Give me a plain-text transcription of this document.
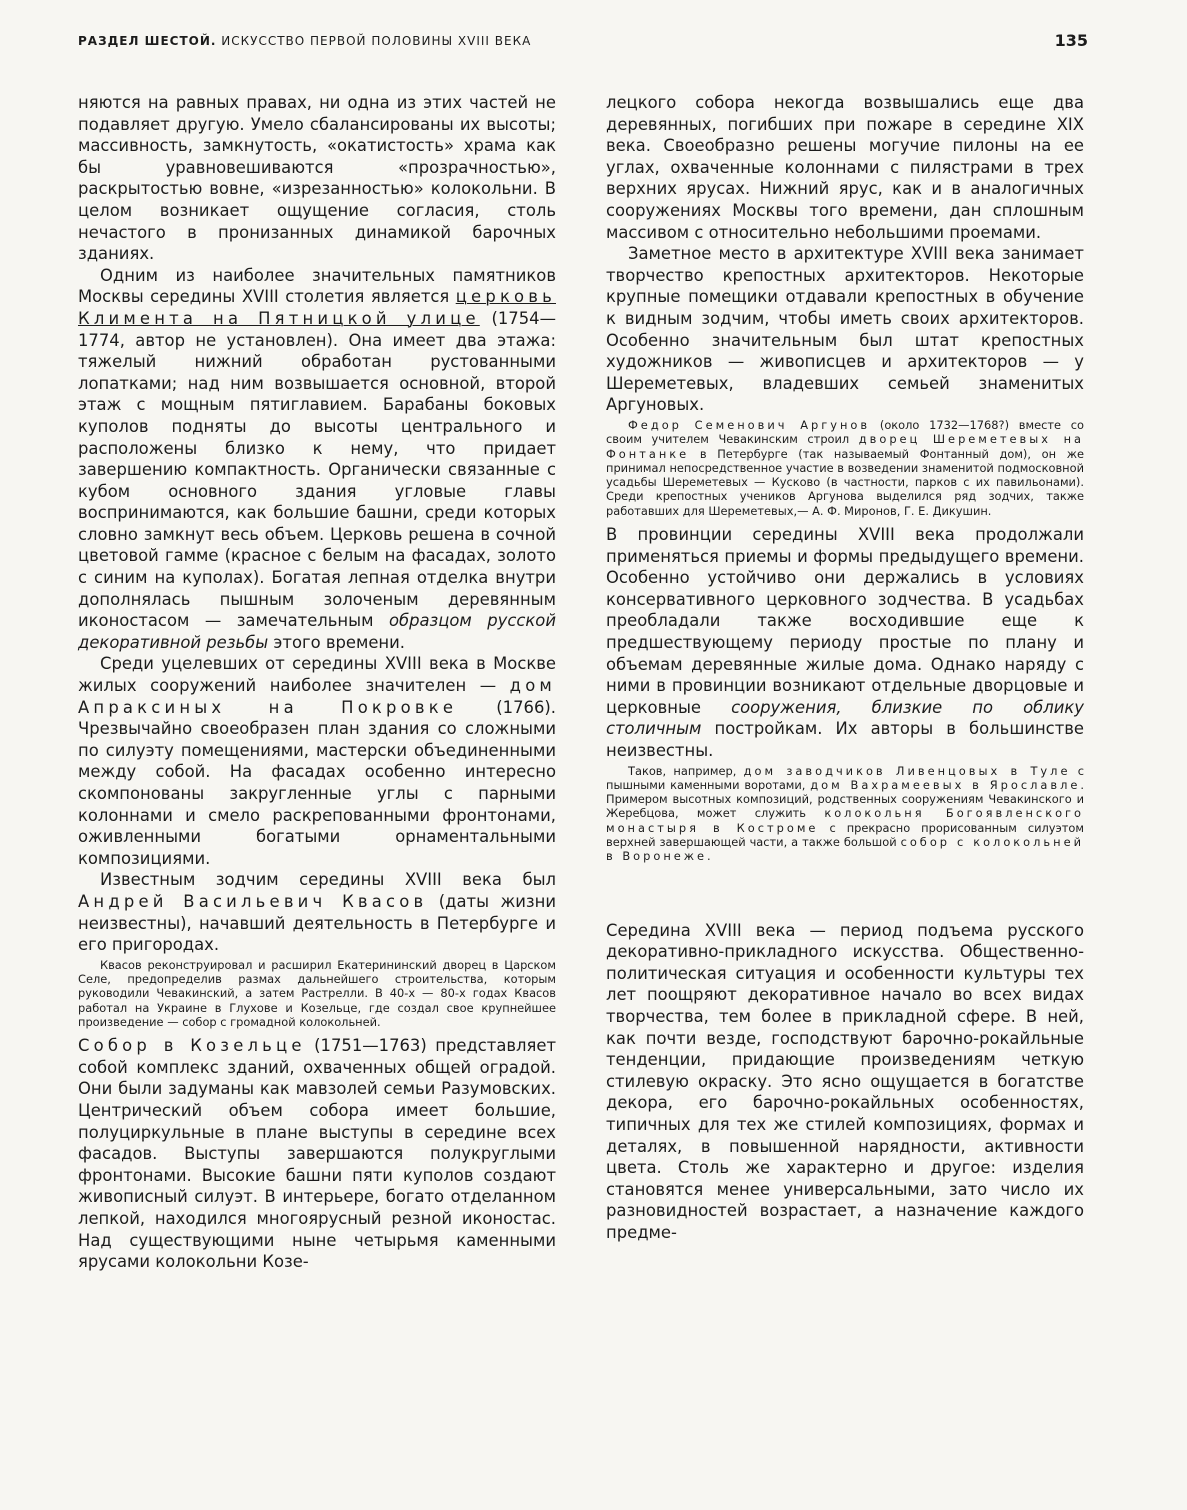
РАЗДЕЛ ШЕСТОЙ. ИСКУССТВО ПЕРВОЙ ПОЛОВИНЫ XVIII ВЕКА	135

няются на равных правах, ни одна из этих частей не подавляет другую. Умело сбалансированы их высоты; массивность, замкнутость, «окатистость» храма как бы уравновешиваются «прозрачностью», раскрытостью вовне, «изрезанностью» колокольни. В целом возникает ощущение согласия, столь нечастого в пронизанных динамикой барочных зданиях.

Одним из наиболее значительных памятников Москвы середины XVIII столетия является церковь Климента на Пятницкой улице (1754—1774, автор не установлен). Она имеет два этажа: тяжелый нижний обработан рустованными лопатками; над ним возвышается основной, второй этаж с мощным пятиглавием. Барабаны боковых куполов подняты до высоты центрального и расположены близко к нему, что придает завершению компактность. Органически связанные с кубом основного здания угловые главы воспринимаются, как большие башни, среди которых словно замкнут весь объем. Церковь решена в сочной цветовой гамме (красное с белым на фасадах, золото с синим на куполах). Богатая лепная отделка внутри дополнялась пышным золоченым деревянным иконостасом — замечательным образцом русской декоративной резьбы этого времени.

Среди уцелевших от середины XVIII века в Москве жилых сооружений наиболее значителен — дом Апраксиных на Покровке (1766). Чрезвычайно своеобразен план здания со сложными по силуэту помещениями, мастерски объединенными между собой. На фасадах особенно интересно скомпонованы закругленные углы с парными колоннами и смело раскрепованными фронтонами, оживленными богатыми орнаментальными композициями.

Известным зодчим середины XVIII века был Андрей Васильевич Квасов (даты жизни неизвестны), начавший деятельность в Петербурге и его пригородах.

Квасов реконструировал и расширил Екатерининский дворец в Царском Селе, предопределив размах дальнейшего строительства, которым руководили Чевакинский, а затем Растрелли. В 40-х — 80-х годах Квасов работал на Украине в Глухове и Козельце, где создал свое крупнейшее произведение — собор с громадной колокольней.

Собор в Козельце (1751—1763) представляет собой комплекс зданий, охваченных общей оградой. Они были задуманы как мавзолей семьи Разумовских. Центрический объем собора имеет большие, полуциркульные в плане выступы в середине всех фасадов. Выступы завершаются полукруглыми фронтонами. Высокие башни пяти куполов создают живописный силуэт. В интерьере, богато отделанном лепкой, находился многоярусный резной иконостас. Над существующими ныне четырьмя каменными ярусами колокольни Козе-

лецкого собора некогда возвышались еще два деревянных, погибших при пожаре в середине XIX века. Своеобразно решены могучие пилоны на ее углах, охваченные колоннами с пилястрами в трех верхних ярусах. Нижний ярус, как и в аналогичных сооружениях Москвы того времени, дан сплошным массивом с относительно небольшими проемами.

Заметное место в архитектуре XVIII века занимает творчество крепостных архитекторов. Некоторые крупные помещики отдавали крепостных в обучение к видным зодчим, чтобы иметь своих архитекторов. Особенно значительным был штат крепостных художников — живописцев и архитекторов — у Шереметевых, владевших семьей знаменитых Аргуновых.

Федор Семенович Аргунов (около 1732—1768?) вместе со своим учителем Чевакинским строил дворец Шереметевых на Фонтанке в Петербурге (так называемый Фонтанный дом), он же принимал непосредственное участие в возведении знаменитой подмосковной усадьбы Шереметевых — Кусково (в частности, парков с их павильонами). Среди крепостных учеников Аргунова выделился ряд зодчих, также работавших для Шереметевых,— А. Ф. Миронов, Г. Е. Дикушин.

В провинции середины XVIII века продолжали применяться приемы и формы предыдущего времени. Особенно устойчиво они держались в условиях консервативного церковного зодчества. В усадьбах преобладали также восходившие еще к предшествующему периоду простые по плану и объемам деревянные жилые дома. Однако наряду с ними в провинции возникают отдельные дворцовые и церковные сооружения, близкие по облику столичным постройкам. Их авторы в большинстве неизвестны.

Таков, например, дом заводчиков Ливенцовых в Туле с пышными каменными воротами, дом Вахрамеевых в Ярославле. Примером высотных композиций, родственных сооружениям Чевакинского и Жеребцова, может служить колокольня Богоявленского монастыря в Костроме с прекрасно прорисованным силуэтом верхней завершающей части, а также большой собор с колокольней в Воронеже.

Середина XVIII века — период подъема русского декоративно-прикладного искусства. Общественно-политическая ситуация и особенности культуры тех лет поощряют декоративное начало во всех видах творчества, тем более в прикладной сфере. В ней, как почти везде, господствуют барочно-рокайльные тенденции, придающие произведениям четкую стилевую окраску. Это ясно ощущается в богатстве декора, его барочно-рокайльных особенностях, типичных для тех же стилей композициях, формах и деталях, в повышенной нарядности, активности цвета. Столь же характерно и другое: изделия становятся менее универсальными, зато число их разновидностей возрастает, а назначение каждого предме-
